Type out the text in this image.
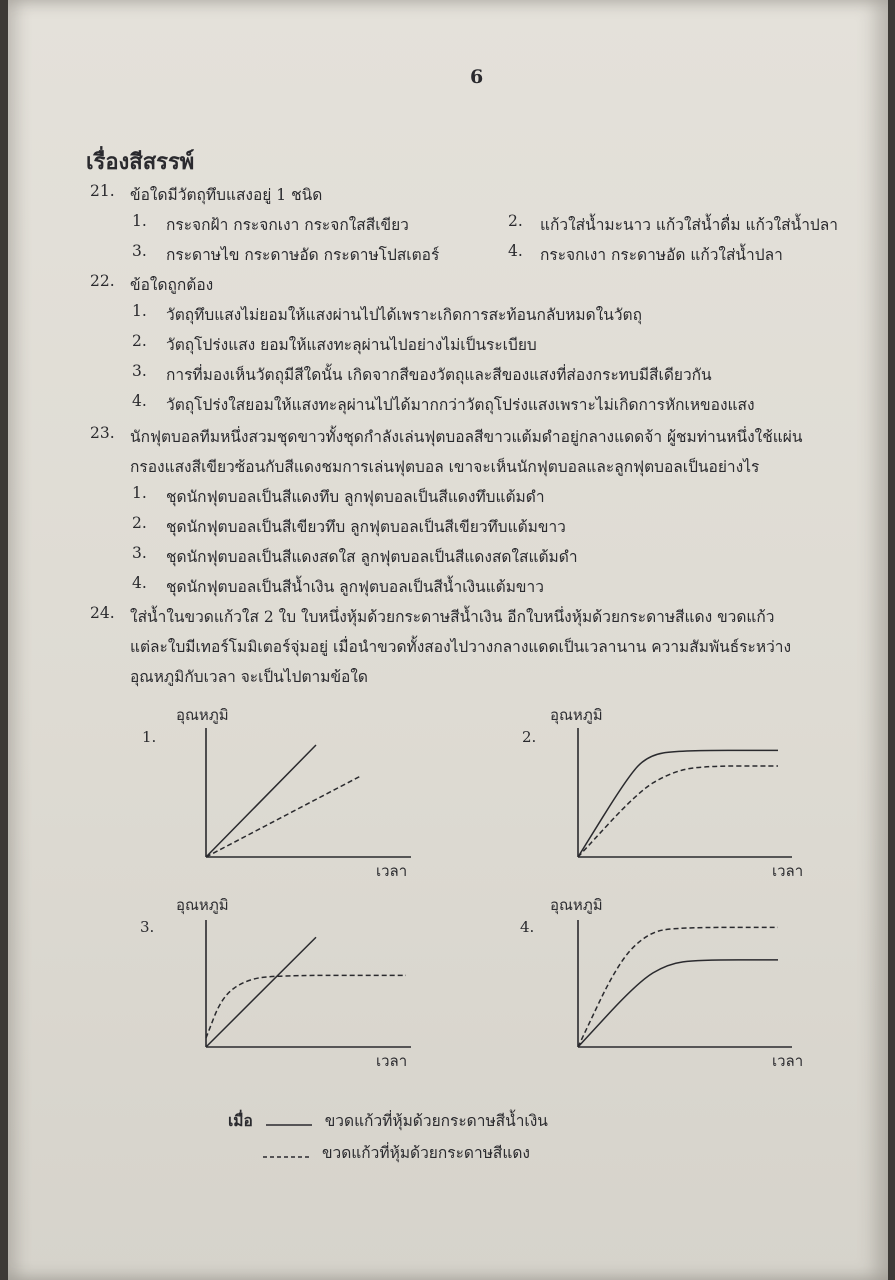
6
เรื่องสีสรรพ์
21. ข้อใดมีวัตถุทึบแสงอยู่ 1 ชนิด
1. กระจกฝ้า กระจกเงา กระจกใสสีเขียว	2. แก้วใส่น้ำมะนาว แก้วใส่น้ำดื่ม แก้วใส่น้ำปลา
3. กระดาษไข กระดาษอัด กระดาษโปสเตอร์	4. กระจกเงา กระดาษอัด แก้วใส่น้ำปลา
22. ข้อใดถูกต้อง
1. วัตถุทึบแสงไม่ยอมให้แสงผ่านไปได้เพราะเกิดการสะท้อนกลับหมดในวัตถุ
2. วัตถุโปร่งแสง ยอมให้แสงทะลุผ่านไปอย่างไม่เป็นระเบียบ
3. การที่มองเห็นวัตถุมีสีใดนั้น เกิดจากสีของวัตถุและสีของแสงที่ส่องกระทบมีสีเดียวกัน
4. วัตถุโปร่งใสยอมให้แสงทะลุผ่านไปได้มากกว่าวัตถุโปร่งแสงเพราะไม่เกิดการหักเหของแสง
23. นักฟุตบอลทีมหนึ่งสวมชุดขาวทั้งชุดกำลังเล่นฟุตบอลสีขาวแต้มดำอยู่กลางแดดจ้า ผู้ชมท่านหนึ่งใช้แผ่น
กรองแสงสีเขียวซ้อนกับสีแดงชมการเล่นฟุตบอล เขาจะเห็นนักฟุตบอลและลูกฟุตบอลเป็นอย่างไร
1. ชุดนักฟุตบอลเป็นสีแดงทึบ ลูกฟุตบอลเป็นสีแดงทึบแต้มดำ
2. ชุดนักฟุตบอลเป็นสีเขียวทึบ ลูกฟุตบอลเป็นสีเขียวทึบแต้มขาว
3. ชุดนักฟุตบอลเป็นสีแดงสดใส ลูกฟุตบอลเป็นสีแดงสดใสแต้มดำ
4. ชุดนักฟุตบอลเป็นสีน้ำเงิน ลูกฟุตบอลเป็นสีน้ำเงินแต้มขาว
24. ใส่น้ำในขวดแก้วใส 2 ใบ ใบหนึ่งหุ้มด้วยกระดาษสีน้ำเงิน อีกใบหนึ่งหุ้มด้วยกระดาษสีแดง ขวดแก้ว
แต่ละใบมีเทอร์โมมิเตอร์จุ่มอยู่ เมื่อนำขวดทั้งสองไปวางกลางแดดเป็นเวลานาน ความสัมพันธ์ระหว่าง
อุณหภูมิกับเวลา จะเป็นไปตามข้อใด
1.
อุณหภูมิ
เวลา
2.
อุณหภูมิ
เวลา
3.
อุณหภูมิ
เวลา
4.
อุณหภูมิ
เวลา
เมื่อ	ขวดแก้วที่หุ้มด้วยกระดาษสีน้ำเงิน
ขวดแก้วที่หุ้มด้วยกระดาษสีแดง
